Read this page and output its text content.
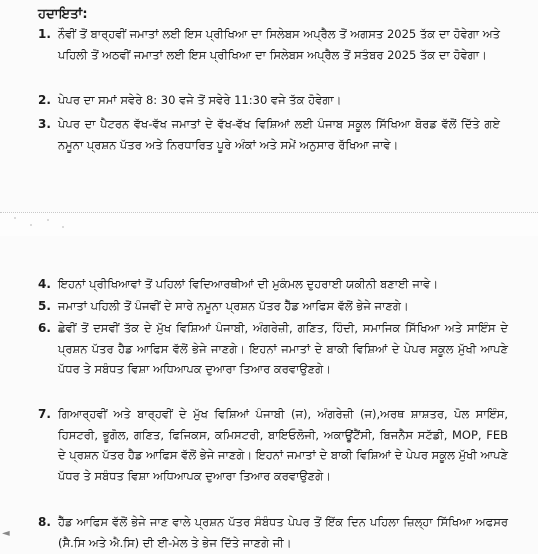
ਹਦਾਇਤਾਂ:
1. ਨੌਵੀਂ ਤੋਂ ਬਾਰ੍ਹਵੀਂ ਜਮਾਤਾਂ ਲਈ ਇਸ ਪ੍ਰੀਖਿਆ ਦਾ ਸਿਲੇਬਸ ਅਪ੍ਰੈਲ ਤੋਂ ਅਗਸਤ 2025 ਤੱਕ ਦਾ ਹੋਵੇਗਾ ਅਤੇ ਪਹਿਲੀ ਤੋਂ ਅਠਵੀਂ ਜਮਾਤਾਂ ਲਈ ਇਸ ਪ੍ਰੀਖਿਆ ਦਾ ਸਿਲੇਬਸ ਅਪ੍ਰੈਲ ਤੋਂ ਸਤੰਬਰ 2025 ਤੱਕ ਦਾ ਹੋਵੇਗਾ।
2. ਪੇਪਰ ਦਾ ਸਮਾਂ ਸਵੇਰੇ 8: 30 ਵਜੇ ਤੋਂ ਸਵੇਰੇ 11:30 ਵਜੇ ਤੱਕ ਹੋਵੇਗਾ।
3. ਪੇਪਰ ਦਾ ਪੈਟਰਨ ਵੱਖ-ਵੱਖ ਜਮਾਤਾਂ ਦੇ ਵੱਖ-ਵੱਖ ਵਿਸ਼ਿਆਂ ਲਈ ਪੰਜਾਬ ਸਕੂਲ ਸਿੱਖਿਆ ਬੋਰਡ ਵੱਲੋਂ ਦਿੱਤੇ ਗਏ ਨਮੂਨਾ ਪ੍ਰਸ਼ਨ ਪੱਤਰ ਅਤੇ ਨਿਰਧਾਰਿਤ ਪੂਰੇ ਅੰਕਾਂ ਅਤੇ ਸਮੇਂ ਅਨੁਸਾਰ ਰੱਖਿਆ ਜਾਵੇ।
◄
4. ਇਹਨਾਂ ਪ੍ਰੀਖਿਆਵਾਂ ਤੋਂ ਪਹਿਲਾਂ ਵਿਦਿਆਰਥੀਆਂ ਦੀ ਮੁਕੰਮਲ ਦੁਹਰਾਈ ਯਕੀਨੀ ਬਣਾਈ ਜਾਵੇ।
5. ਜਮਾਤਾਂ ਪਹਿਲੀ ਤੋਂ ਪੰਜਵੀਂ ਦੇ ਸਾਰੇ ਨਮੂਨਾ ਪ੍ਰਸ਼ਨ ਪੱਤਰ ਹੈੱਡ ਆਫਿਸ ਵੱਲੋਂ ਭੇਜੇ ਜਾਣਗੇ।
6. ਛੇਵੀਂ ਤੋਂ ਦਸਵੀਂ ਤੱਕ ਦੇ ਮੁੱਖ ਵਿਸ਼ਿਆਂ ਪੰਜਾਬੀ, ਅੰਗਰੇਜ਼ੀ, ਗਣਿਤ, ਹਿੰਦੀ, ਸਮਾਜਿਕ ਸਿੱਖਿਆ ਅਤੇ ਸਾਇੰਸ ਦੇ ਪ੍ਰਸ਼ਨ ਪੱਤਰ ਹੈਡ ਆਫਿਸ ਵੱਲੋਂ ਭੇਜੇ ਜਾਣਗੇ। ਇਹਨਾਂ ਜਮਾਤਾਂ ਦੇ ਬਾਕੀ ਵਿਸ਼ਿਆਂ ਦੇ ਪੇਪਰ ਸਕੂਲ ਮੁੱਖੀ ਆਪਣੇ ਪੱਧਰ ਤੇ ਸਬੰਧਤ ਵਿਸ਼ਾ ਅਧਿਆਪਕ ਦੁਆਰਾ ਤਿਆਰ ਕਰਵਾਉਣਗੇ।
7. ਗਿਆਰ੍ਹਵੀਂ ਅਤੇ ਬਾਰ੍ਹਵੀਂ ਦੇ ਮੁੱਖ ਵਿਸ਼ਿਆਂ ਪੰਜਾਬੀ (ਜ), ਅੰਗਰੇਜ਼ੀ (ਜ),ਅਰਥ ਸ਼ਾਸ਼ਤਰ, ਪੋਲ ਸਾਇੰਸ, ਹਿਸਟਰੀ, ਭੂਗੋਲ, ਗਣਿਤ, ਫਿਜਿਕਸ, ਕਮਿਸਟਰੀ, ਬਾਇਓਲੋਜੀ, ਅਕਾਊਂਟੈਂਸੀ, ਬਿਜਨੈਸ ਸਟੱਡੀ, MOP, FEB ਦੇ ਪ੍ਰਸ਼ਨ ਪੱਤਰ ਹੈਡ ਆਫਿਸ ਵੱਲੋਂ ਭੇਜੇ ਜਾਣਗੇ। ਇਹਨਾਂ ਜਮਾਤਾਂ ਦੇ ਬਾਕੀ ਵਿਸ਼ਿਆਂ ਦੇ ਪੇਪਰ ਸਕੂਲ ਮੁੱਖੀ ਆਪਣੇ ਪੱਧਰ ਤੇ ਸਬੰਧਤ ਵਿਸ਼ਾ ਅਧਿਆਪਕ ਦੁਆਰਾ ਤਿਆਰ ਕਰਵਾਉਣਗੇ।
8. ਹੈੱਡ ਆਫਿਸ ਵੱਲੋਂ ਭੇਜੇ ਜਾਣ ਵਾਲੇ ਪ੍ਰਸ਼ਨ ਪੱਤਰ ਸੰਬੰਧਤ ਪੇਪਰ ਤੋਂ ਇੱਕ ਦਿਨ ਪਹਿਲਾ ਜ਼ਿਲ੍ਹਾ ਸਿੱਖਿਆ ਅਫਸਰ (ਸੈ.ਸਿ ਅਤੇ ਐ.ਸਿ) ਦੀ ਈ-ਮੇਲ ਤੇ ਭੇਜ ਦਿੱਤੇ ਜਾਣਗੇ ਜੀ।
